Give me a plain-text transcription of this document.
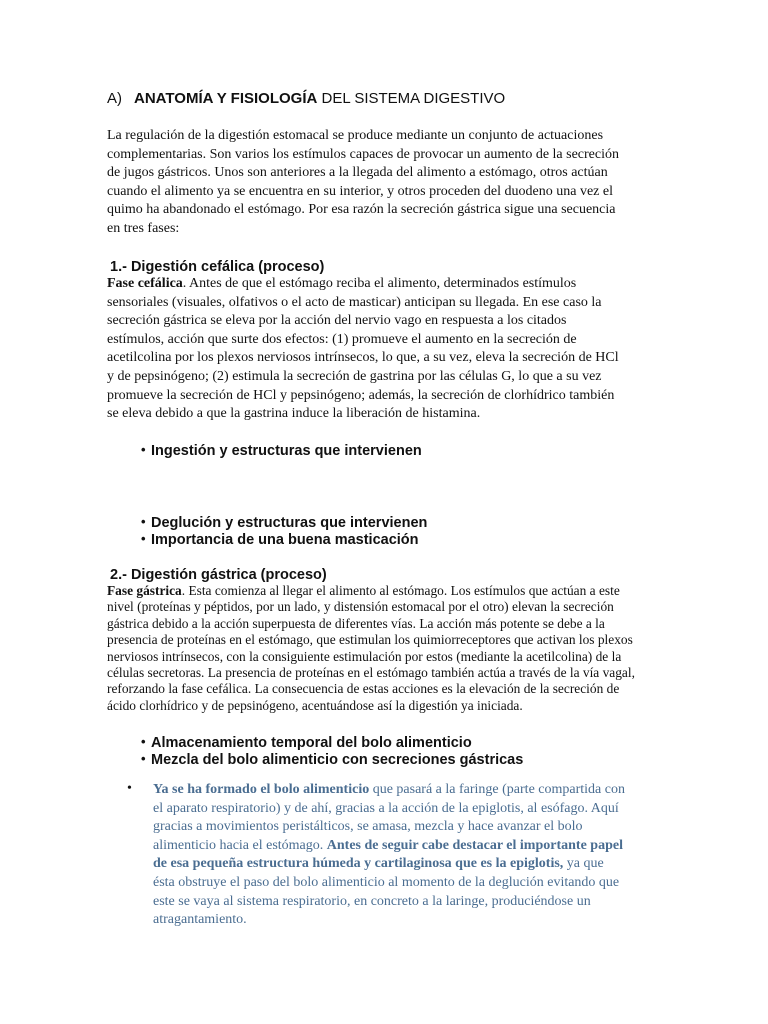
A) ANATOMÍA Y FISIOLOGÍA DEL SISTEMA DIGESTIVO
La regulación de la digestión estomacal se produce mediante un conjunto de actuaciones
complementarias. Son varios los estímulos capaces de provocar un aumento de la secreción
de jugos gástricos. Unos son anteriores a la llegada del alimento a estómago, otros actúan
cuando el alimento ya se encuentra en su interior, y otros proceden del duodeno una vez el
quimo ha abandonado el estómago. Por esa razón la secreción gástrica sigue una secuencia
en tres fases:
1.- Digestión cefálica (proceso)
Fase cefálica. Antes de que el estómago reciba el alimento, determinados estímulos
sensoriales (visuales, olfativos o el acto de masticar) anticipan su llegada. En ese caso la
secreción gástrica se eleva por la acción del nervio vago en respuesta a los citados
estímulos, acción que surte dos efectos: (1) promueve el aumento en la secreción de
acetilcolina por los plexos nerviosos intrínsecos, lo que, a su vez, eleva la secreción de HCl
y de pepsinógeno; (2) estimula la secreción de gastrina por las células G, lo que a su vez
promueve la secreción de HCl y pepsinógeno; además, la secreción de clorhídrico también
se eleva debido a que la gastrina induce la liberación de histamina.
• Ingestión y estructuras que intervienen
• Deglución y estructuras que intervienen
• Importancia de una buena masticación
2.- Digestión gástrica (proceso)
Fase gástrica. Esta comienza al llegar el alimento al estómago. Los estímulos que actúan a este
nivel (proteínas y péptidos, por un lado, y distensión estomacal por el otro) elevan la secreción
gástrica debido a la acción superpuesta de diferentes vías. La acción más potente se debe a la
presencia de proteínas en el estómago, que estimulan los quimiorreceptores que activan los plexos
nerviosos intrínsecos, con la consiguiente estimulación por estos (mediante la acetilcolina) de la
células secretoras. La presencia de proteínas en el estómago también actúa a través de la vía vagal,
reforzando la fase cefálica. La consecuencia de estas acciones es la elevación de la secreción de
ácido clorhídrico y de pepsinógeno, acentuándose así la digestión ya iniciada.
• Almacenamiento temporal del bolo alimenticio
• Mezcla del bolo alimenticio con secreciones gástricas
• Ya se ha formado el bolo alimenticio que pasará a la faringe (parte compartida con
el aparato respiratorio) y de ahí, gracias a la acción de la epiglotis, al esófago. Aquí
gracias a movimientos peristálticos, se amasa, mezcla y hace avanzar el bolo
alimenticio hacia el estómago. Antes de seguir cabe destacar el importante papel
de esa pequeña estructura húmeda y cartilaginosa que es la epiglotis, ya que
ésta obstruye el paso del bolo alimenticio al momento de la deglución evitando que
este se vaya al sistema respiratorio, en concreto a la laringe, produciéndose un
atragantamiento.
